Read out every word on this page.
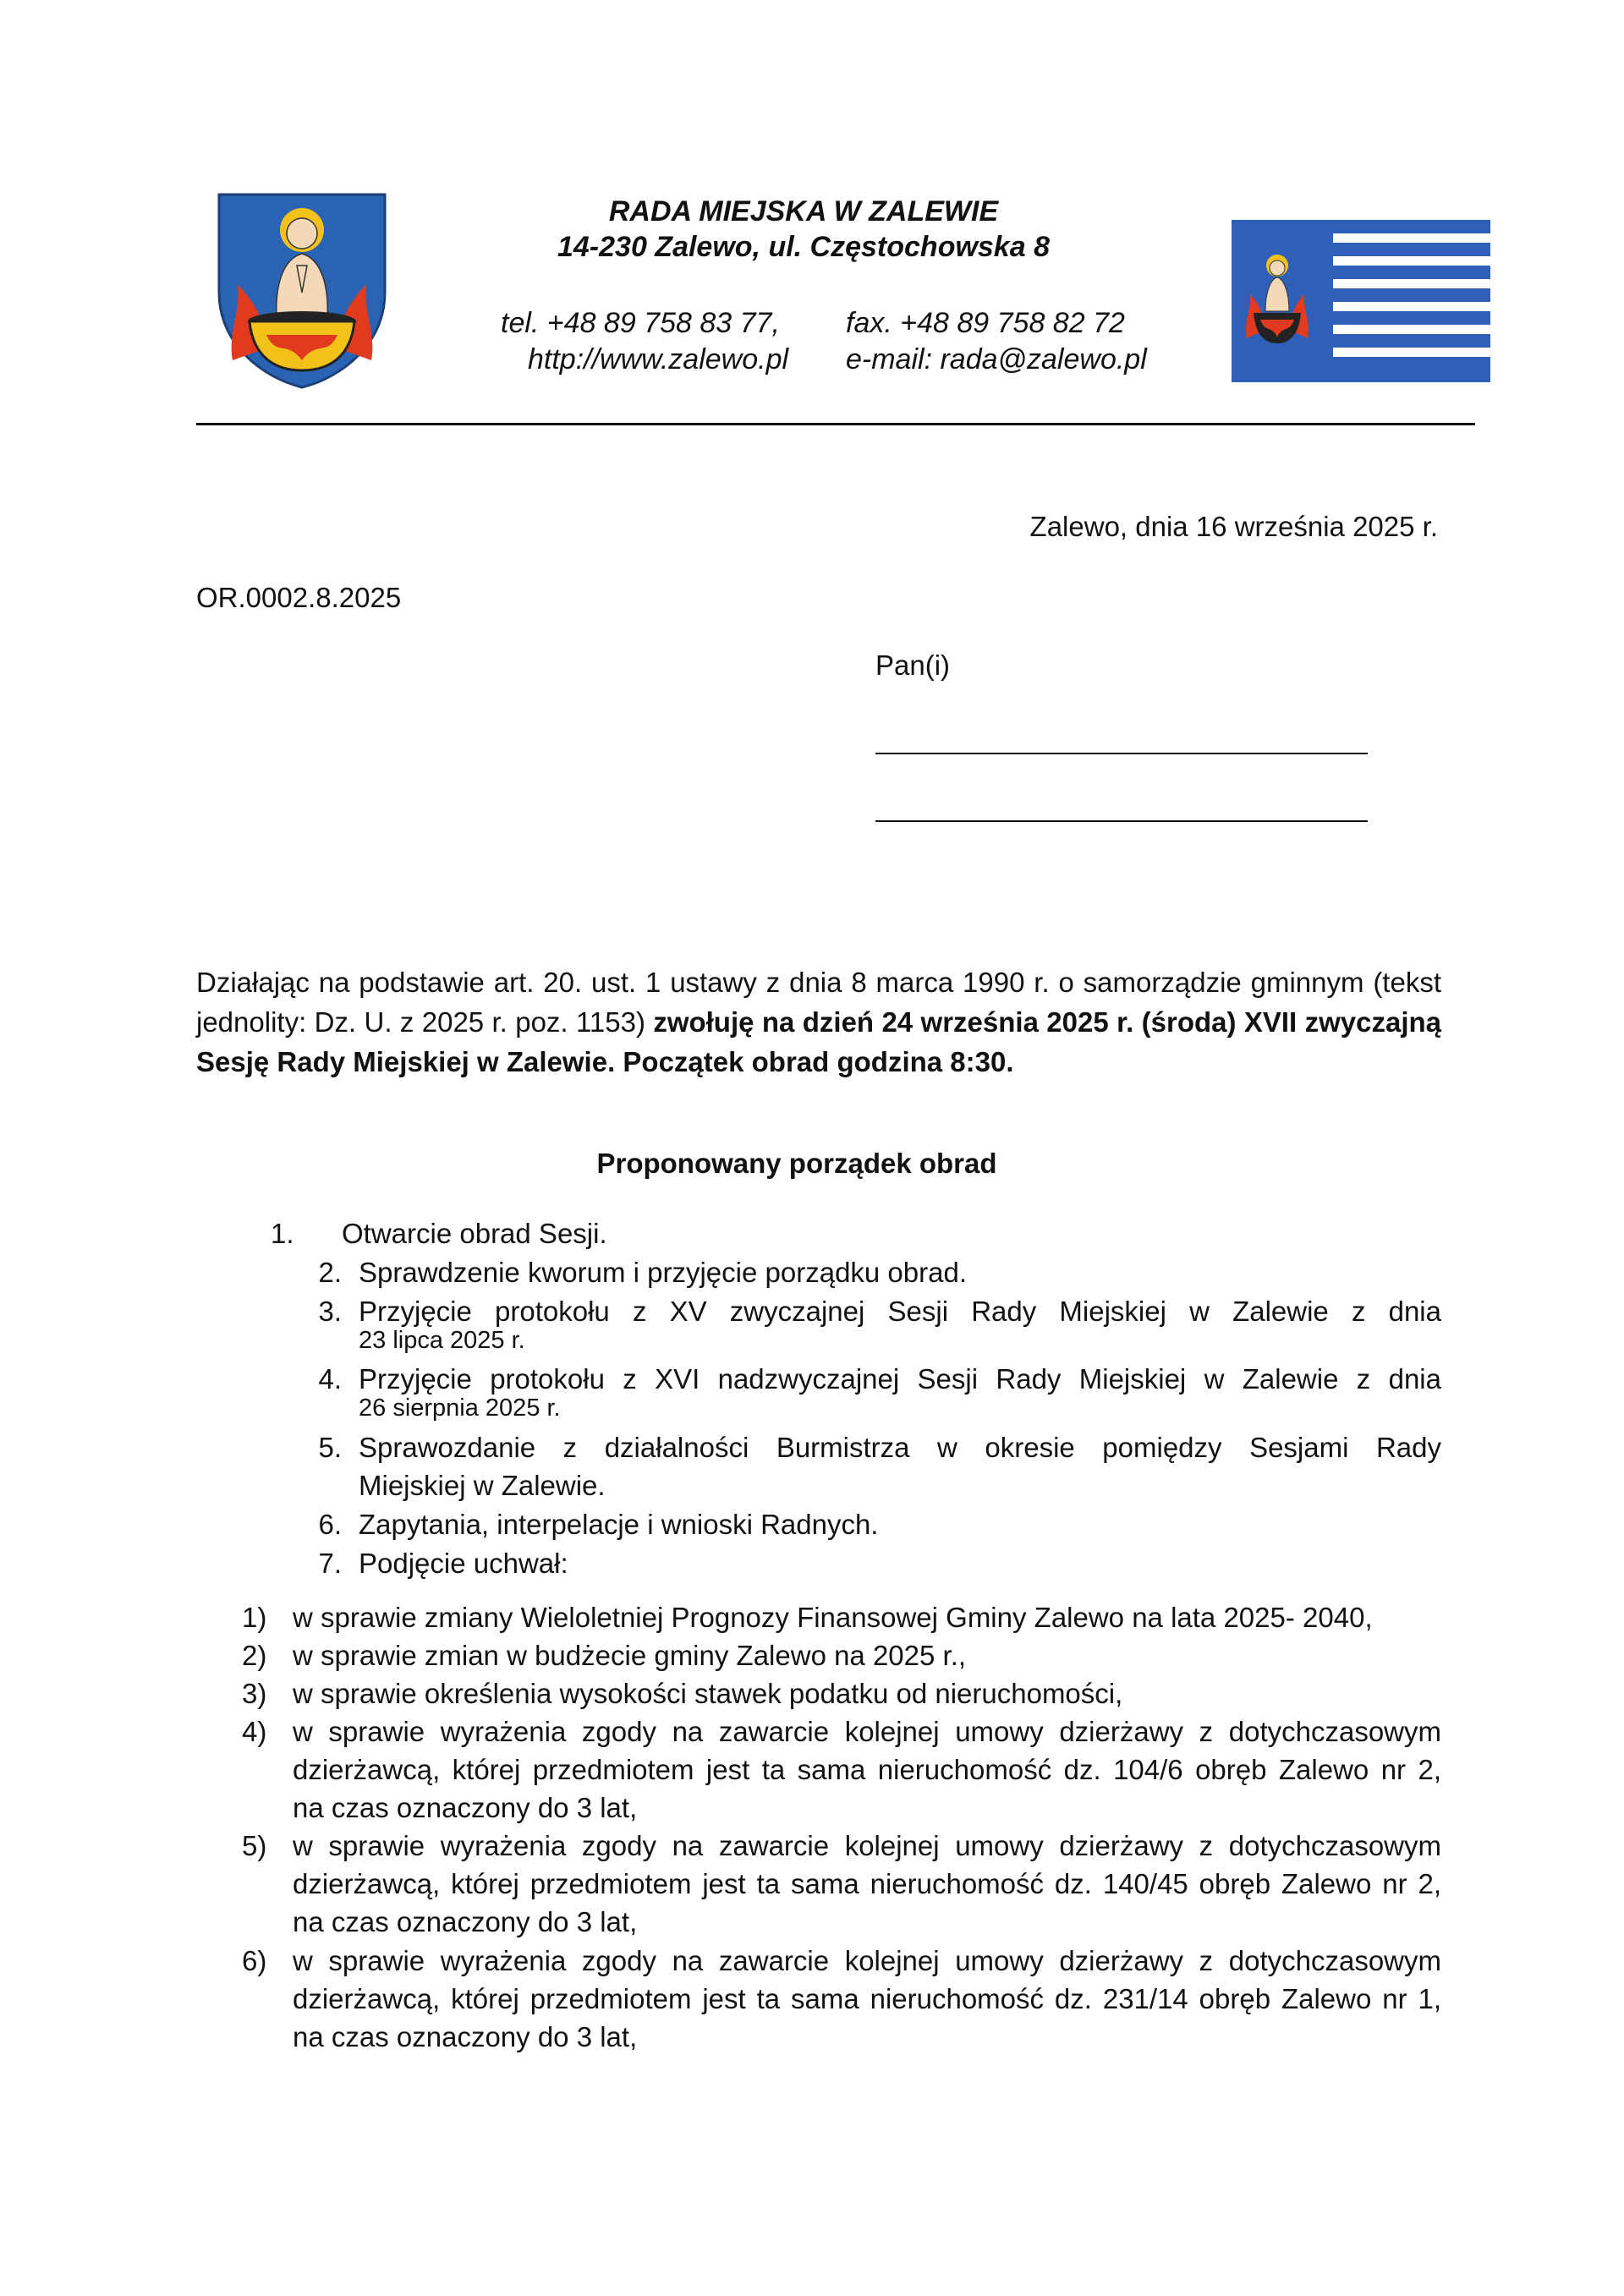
RADA MIEJSKA W ZALEWIE
14-230 Zalewo, ul. Częstochowska 8
tel. +48 89 758 83 77, fax. +48 89 758 82 72
http://www.zalewo.pl e-mail: rada@zalewo.pl
Zalewo, dnia 16 września 2025 r.
OR.0002.8.2025
Pan(i)
Działając na podstawie art. 20. ust. 1 ustawy z dnia 8 marca 1990 r. o samorządzie gminnym (tekst jednolity: Dz. U. z 2025 r. poz. 1153) zwołuję na dzień 24 września 2025 r. (środa) XVII zwyczajną Sesję Rady Miejskiej w Zalewie. Początek obrad godzina 8:30.
Proponowany porządek obrad
1.	Otwarcie obrad Sesji.
2. Sprawdzenie kworum i przyjęcie porządku obrad.
3. Przyjęcie protokołu z XV zwyczajnej Sesji Rady Miejskiej w Zalewie z dnia
23 lipca 2025 r.
4. Przyjęcie protokołu z XVI nadzwyczajnej Sesji Rady Miejskiej w Zalewie z dnia
26 sierpnia 2025 r.
5. Sprawozdanie z działalności Burmistrza w okresie pomiędzy Sesjami Rady
Miejskiej w Zalewie.
6. Zapytania, interpelacje i wnioski Radnych.
7. Podjęcie uchwał:
1) w sprawie zmiany Wieloletniej Prognozy Finansowej Gminy Zalewo na lata 2025- 2040,
2) w sprawie zmian w budżecie gminy Zalewo na 2025 r.,
3) w sprawie określenia wysokości stawek podatku od nieruchomości,
4) w sprawie wyrażenia zgody na zawarcie kolejnej umowy dzierżawy z dotychczasowym
dzierżawcą, której przedmiotem jest ta sama nieruchomość dz. 104/6 obręb Zalewo nr 2,
na czas oznaczony do 3 lat,
5) w sprawie wyrażenia zgody na zawarcie kolejnej umowy dzierżawy z dotychczasowym
dzierżawcą, której przedmiotem jest ta sama nieruchomość dz. 140/45 obręb Zalewo nr 2,
na czas oznaczony do 3 lat,
6) w sprawie wyrażenia zgody na zawarcie kolejnej umowy dzierżawy z dotychczasowym
dzierżawcą, której przedmiotem jest ta sama nieruchomość dz. 231/14 obręb Zalewo nr 1,
na czas oznaczony do 3 lat,
